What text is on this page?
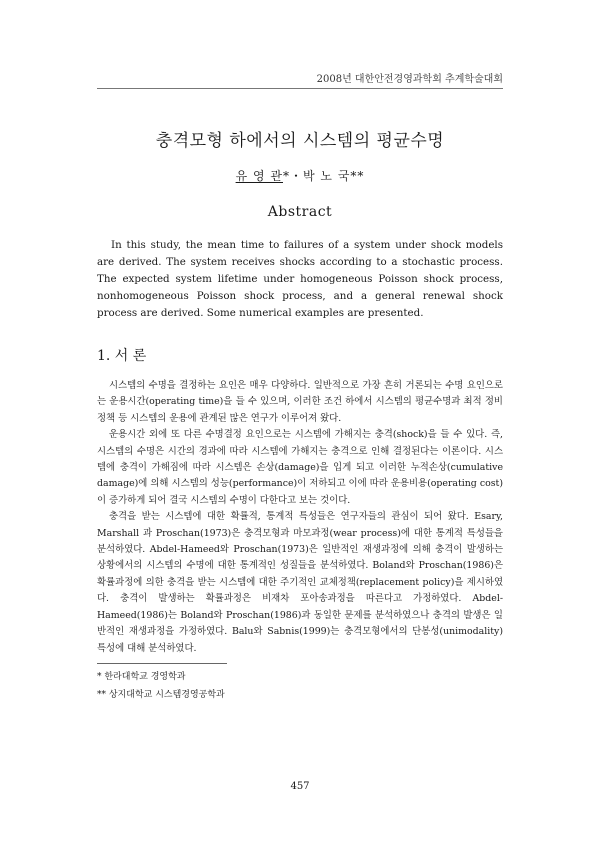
2008년 대한안전경영과학회 추계학술대회
충격모형 하에서의 시스템의 평균수명
유 영 관*・박 노 국**
Abstract

In this study, the mean time to failures of a system under shock models are derived. The system receives shocks according to a stochastic process. The expected system lifetime under homogeneous Poisson shock process, nonhomogeneous Poisson shock process, and a general renewal shock process are derived. Some numerical examples are presented.

1. 서 론

시스템의 수명을 결정하는 요인은 매우 다양하다. 일반적으로 가장 흔히 거론되는 수명 요인으로는 운용시간(operating time)을 들 수 있으며, 이러한 조건 하에서 시스템의 평균수명과 최적 정비정책 등 시스템의 운용에 관계된 많은 연구가 이루어져 왔다.

운용시간 외에 또 다른 수명결정 요인으로는 시스템에 가해지는 충격(shock)을 들 수 있다. 즉, 시스템의 수명은 시간의 경과에 따라 시스템에 가해지는 충격으로 인해 결정된다는 이론이다. 시스템에 충격이 가해짐에 따라 시스템은 손상(damage)을 입게 되고 이러한 누적손상(cumulative damage)에 의해 시스템의 성능(performance)이 저하되고 이에 따라 운용비용(operating cost)이 증가하게 되어 결국 시스템의 수명이 다한다고 보는 것이다.

충격을 받는 시스템에 대한 확률적, 통계적 특성들은 연구자들의 관심이 되어 왔다. Esary, Marshall 과 Proschan(1973)은 충격모형과 마모과정(wear process)에 대한 통계적 특성들을 분석하였다. Abdel-Hameed와 Proschan(1973)은 일반적인 재생과정에 의해 충격이 발생하는 상황에서의 시스템의 수명에 대한 통계적인 성질들을 분석하였다. Boland와 Proschan(1986)은 확률과정에 의한 충격을 받는 시스템에 대한 주기적인 교체정책(replacement policy)을 제시하였다. 충격이 발생하는 확률과정은 비재차 포아송과정을 따른다고 가정하였다. Abdel-Hameed(1986)는 Boland와 Proschan(1986)과 동일한 문제를 분석하였으나 충격의 발생은 일반적인 재생과정을 가정하였다. Balu와 Sabnis(1999)는 충격모형에서의 단봉성(unimodality) 특성에 대해 분석하였다.

* 한라대학교 경영학과
** 상지대학교 시스템경영공학과
457
